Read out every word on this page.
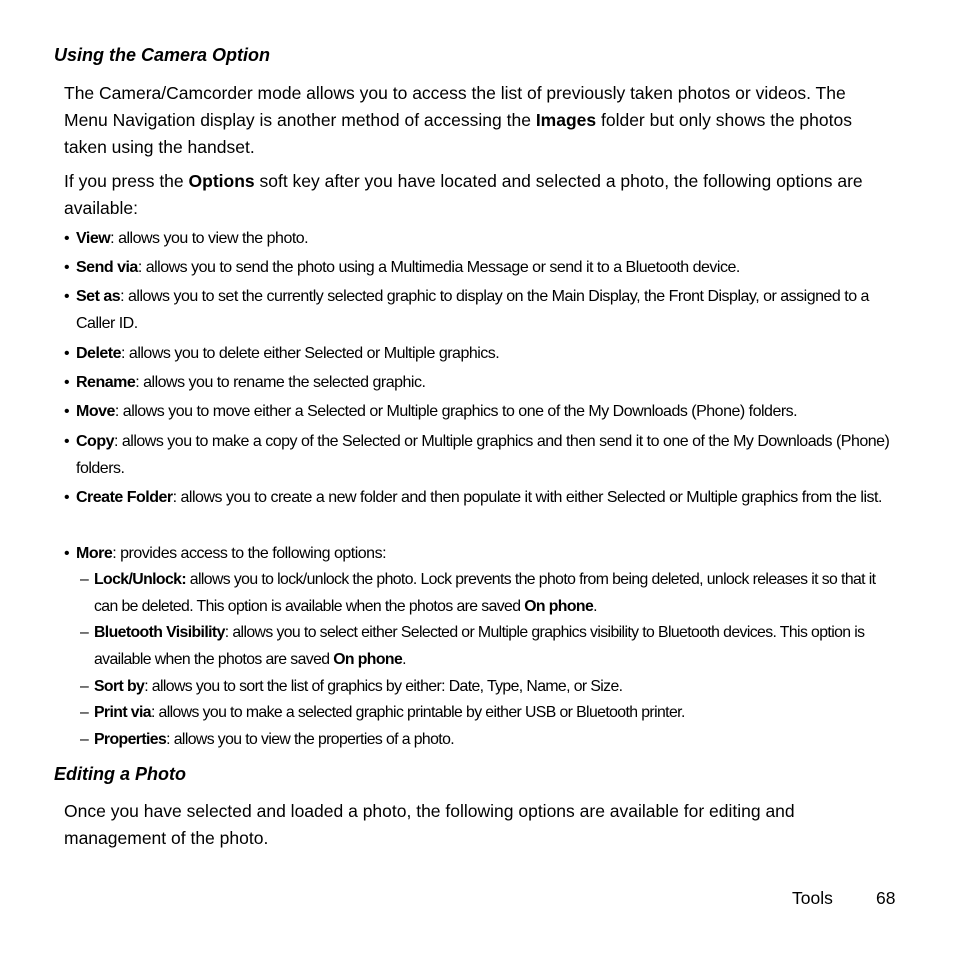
Using the Camera Option

The Camera/Camcorder mode allows you to access the list of previously taken photos or videos. The Menu Navigation display is another method of accessing the Images folder but only shows the photos taken using the handset.

If you press the Options soft key after you have located and selected a photo, the following options are available:

• View: allows you to view the photo.
• Send via: allows you to send the photo using a Multimedia Message or send it to a Bluetooth device.
• Set as: allows you to set the currently selected graphic to display on the Main Display, the Front Display, or assigned to a Caller ID.
• Delete: allows you to delete either Selected or Multiple graphics.
• Rename: allows you to rename the selected graphic.
• Move: allows you to move either a Selected or Multiple graphics to one of the My Downloads (Phone) folders.
• Copy: allows you to make a copy of the Selected or Multiple graphics and then send it to one of the My Downloads (Phone) folders.
• Create Folder: allows you to create a new folder and then populate it with either Selected or Multiple graphics from the list.
• More: provides access to the following options:
– Lock/Unlock: allows you to lock/unlock the photo. Lock prevents the photo from being deleted, unlock releases it so that it can be deleted. This option is available when the photos are saved On phone.
– Bluetooth Visibility: allows you to select either Selected or Multiple graphics visibility to Bluetooth devices. This option is available when the photos are saved On phone.
– Sort by: allows you to sort the list of graphics by either: Date, Type, Name, or Size.
– Print via: allows you to make a selected graphic printable by either USB or Bluetooth printer.
– Properties: allows you to view the properties of a photo.
Editing a Photo

Once you have selected and loaded a photo, the following options are available for editing and management of the photo.

Tools 68
